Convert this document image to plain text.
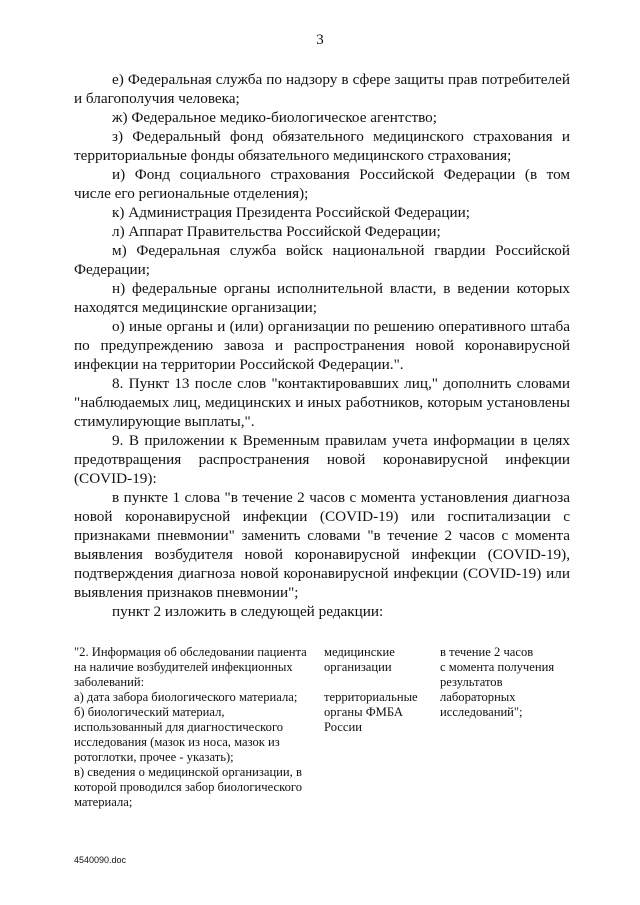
3

е) Федеральная служба по надзору в сфере защиты прав потребителей и благополучия человека;

ж) Федеральное медико-биологическое агентство;

з) Федеральный фонд обязательного медицинского страхования и территориальные фонды обязательного медицинского страхования;

и) Фонд социального страхования Российской Федерации (в том числе его региональные отделения);

к) Администрация Президента Российской Федерации;

л) Аппарат Правительства Российской Федерации;

м) Федеральная служба войск национальной гвардии Российской Федерации;

н) федеральные органы исполнительной власти, в ведении которых находятся медицинские организации;

о) иные органы и (или) организации по решению оперативного штаба по предупреждению завоза и распространения новой коронавирусной инфекции на территории Российской Федерации.".

8. Пункт 13 после слов "контактировавших лиц," дополнить словами "наблюдаемых лиц, медицинских и иных работников, которым установлены стимулирующие выплаты,".

9. В приложении к Временным правилам учета информации в целях предотвращения распространения новой коронавирусной инфекции (COVID-19):

в пункте 1 слова "в течение 2 часов с момента установления диагноза новой коронавирусной инфекции (COVID-19) или госпитализации с признаками пневмонии" заменить словами "в течение 2 часов с момента выявления возбудителя новой коронавирусной инфекции (COVID-19), подтверждения диагноза новой коронавирусной инфекции (COVID-19) или выявления признаков пневмонии";

пункт 2 изложить в следующей редакции:

"2. Информация об обследовании пациента

на наличие возбудителей инфекционных

заболеваний:

а) дата забора биологического материала;

б) биологический материал,

использованный для диагностического

исследования (мазок из носа, мазок из

ротоглотки, прочее - указать);

в) сведения о медицинской организации, в

которой проводился забор биологического

материала;

медицинские

организации

территориальные

органы ФМБА

России

в течение 2 часов

с момента получения

результатов

лабораторных

исследований";

4540090.doc
